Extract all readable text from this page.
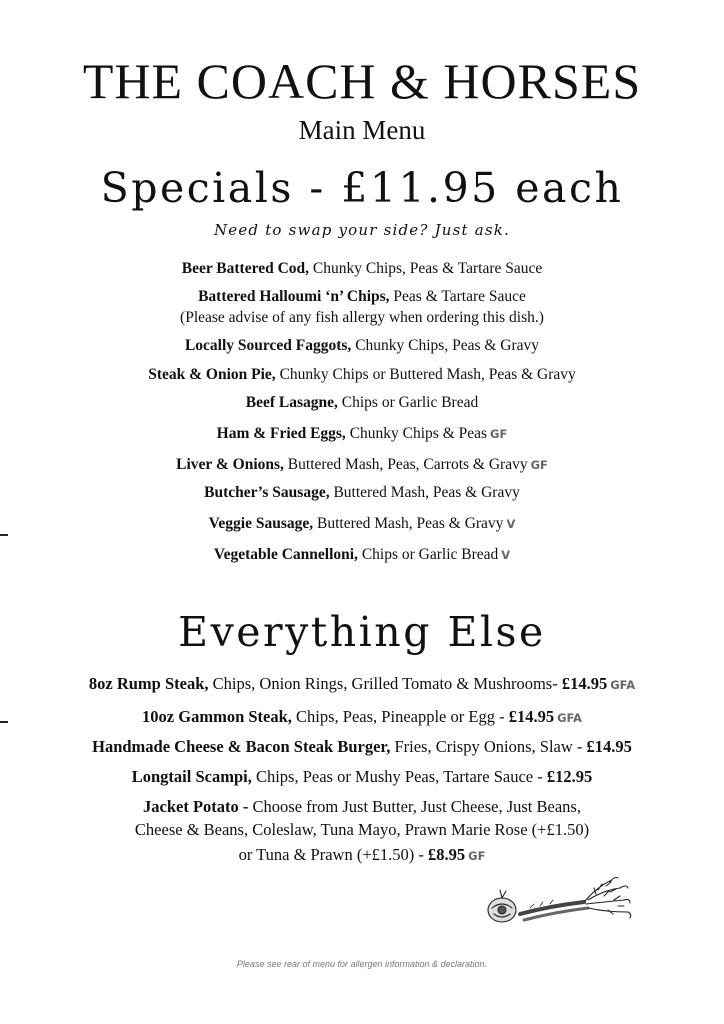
THE COACH & HORSES
Main Menu
Specials - £11.95 each
Need to swap your side? Just ask.
Beer Battered Cod, Chunky Chips, Peas & Tartare Sauce
Battered Halloumi ‘n’ Chips, Peas & Tartare Sauce
(Please advise of any fish allergy when ordering this dish.)
Locally Sourced Faggots, Chunky Chips, Peas & Gravy
Steak & Onion Pie, Chunky Chips or Buttered Mash, Peas & Gravy
Beef Lasagne, Chips or Garlic Bread
Ham & Fried Eggs, Chunky Chips & Peas GF
Liver & Onions, Buttered Mash, Peas, Carrots & Gravy GF
Butcher’s Sausage, Buttered Mash, Peas & Gravy
Veggie Sausage, Buttered Mash, Peas & Gravy V
Vegetable Cannelloni, Chips or Garlic Bread V
Everything Else
8oz Rump Steak, Chips, Onion Rings, Grilled Tomato & Mushrooms- £14.95 GFA
10oz Gammon Steak, Chips, Peas, Pineapple or Egg - £14.95 GFA
Handmade Cheese & Bacon Steak Burger, Fries, Crispy Onions, Slaw - £14.95
Longtail Scampi, Chips, Peas or Mushy Peas, Tartare Sauce - £12.95
Jacket Potato - Choose from Just Butter, Just Cheese, Just Beans,
Cheese & Beans, Coleslaw, Tuna Mayo, Prawn Marie Rose (+£1.50)
or Tuna & Prawn (+£1.50) - £8.95 GF
Please see rear of menu for allergen information & declaration.
